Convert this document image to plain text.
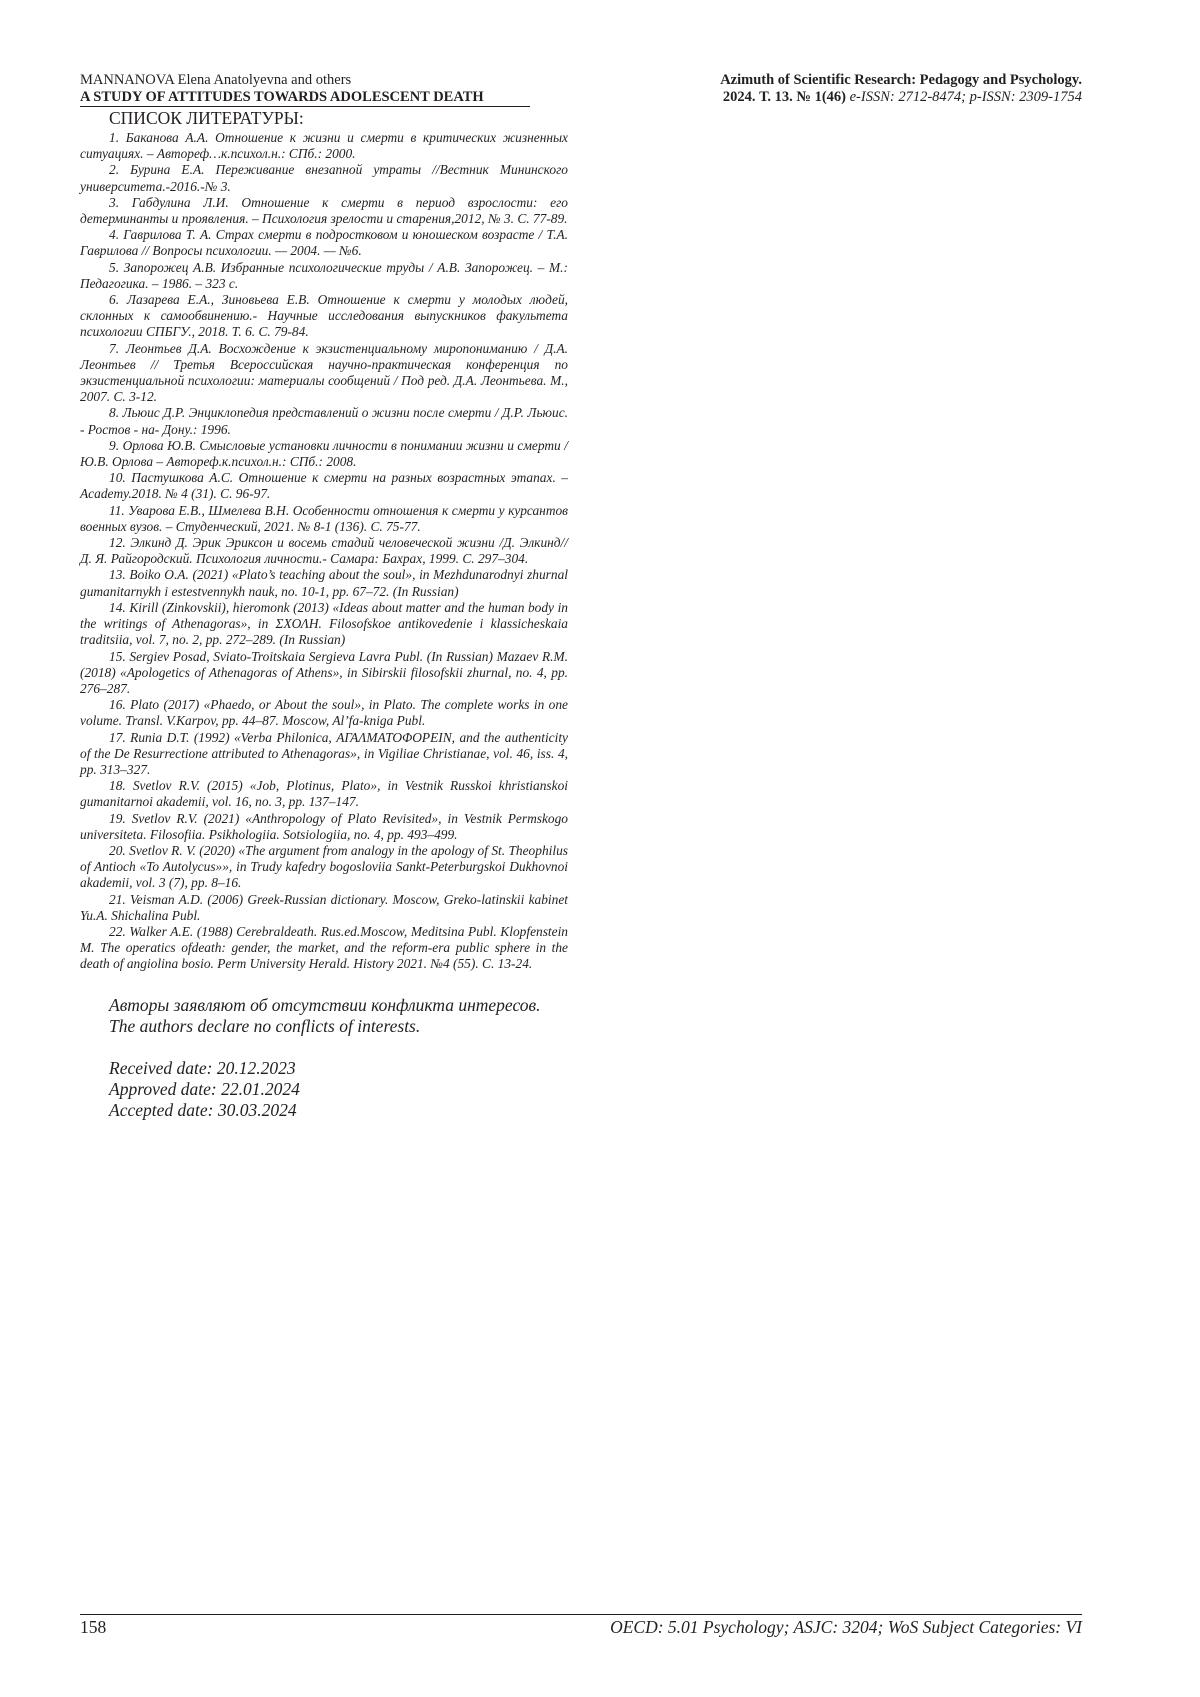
MANNANOVA Elena Anatolyevna and others
A STUDY OF ATTITUDES TOWARDS ADOLESCENT DEATH
Azimuth of Scientific Research: Pedagogy and Psychology.
2024. Т. 13. № 1(46) e-ISSN: 2712-8474; p-ISSN: 2309-1754
СПИСОК ЛИТЕРАТУРЫ:
1. Баканова А.А. Отношение к жизни и смерти в критических жизненных ситуациях. – Автореф…к.психол.н.: СПб.: 2000.
2. Бурина Е.А. Переживание внезапной утраты //Вестник Мининского университета.-2016.-№ 3.
3. Габдулина Л.И. Отношение к смерти в период взрослости: его детерминанты и проявления. – Психология зрелости и старения,2012, № 3. С. 77-89.
4. Гаврилова Т. А. Страх смерти в подростковом и юношеском возрасте / Т.А. Гаврилова // Вопросы психологии. — 2004. — №6.
5. Запорожец А.В. Избранные психологические труды / А.В. Запорожец. – М.: Педагогика. – 1986. – 323 с.
6. Лазарева Е.А., Зиновьева Е.В. Отношение к смерти у молодых людей, склонных к самообвинению.- Научные исследования выпускников факультета психологии СПБГУ., 2018. Т. 6. С. 79-84.
7. Леонтьев Д.А. Восхождение к экзистенциальному миропониманию / Д.А. Леонтьев // Третья Всероссийская научно-практическая конференция по экзистенциальной психологии: материалы сообщений / Под ред. Д.А. Леонтьева. М., 2007. С. 3-12.
8. Льюис Д.Р. Энциклопедия представлений о жизни после смерти / Д.Р. Льюис. - Ростов - на- Дону.: 1996.
9. Орлова Ю.В. Смысловые установки личности в понимании жизни и смерти / Ю.В. Орлова – Автореф.к.психол.н.: СПб.: 2008.
10. Пастушкова А.С. Отношение к смерти на разных возрастных этапах. – Academy.2018. № 4 (31). С. 96-97.
11. Уварова Е.В., Шмелева В.Н. Особенности отношения к смерти у курсантов военных вузов. – Студенческий, 2021. № 8-1 (136). С. 75-77.
12. Элкинд Д. Эрик Эриксон и восемь стадий человеческой жизни /Д. Элкинд// Д. Я. Райгородский. Психология личности.- Самара: Бахрах, 1999. С. 297–304.
13. Boiko O.A. (2021) «Plato’s teaching about the soul», in Mezhdunarodnyi zhurnal gumanitarnykh i estestvennykh nauk, no. 10-1, pp. 67–72. (In Russian)
14. Kirill (Zinkovskii), hieromonk (2013) «Ideas about matter and the human body in the writings of Athenagoras», in ΣΧΟΛΗ. Filosofskoe antikovedenie i klassicheskaia traditsiia, vol. 7, no. 2, pp. 272–289. (In Russian)
15. Sergiev Posad, Sviato-Troitskaia Sergieva Lavra Publ. (In Russian) Mazaev R.M. (2018) «Apologetics of Athenagoras of Athens», in Sibirskii filosofskii zhurnal, no. 4, pp. 276–287.
16. Plato (2017) «Phaedo, or About the soul», in Plato. The complete works in one volume. Transl. V.Karpov, pp. 44–87. Moscow, Al’fa-kniga Publ.
17. Runia D.T. (1992) «Verba Philonica, ΑΓΑΛΜΑΤΟΦΟΡΕΙΝ, and the authenticity of the De Resurrectione attributed to Athenagoras», in Vigiliae Christianae, vol. 46, iss. 4, pp. 313–327.
18. Svetlov R.V. (2015) «Job, Plotinus, Plato», in Vestnik Russkoi khristianskoi gumanitarnoi akademii, vol. 16, no. 3, pp. 137–147.
19. Svetlov R.V. (2021) «Anthropology of Plato Revisited», in Vestnik Permskogo universiteta. Filosofiia. Psikhologiia. Sotsiologiia, no. 4, pp. 493–499.
20. Svetlov R. V. (2020) «The argument from analogy in the apology of St. Theophilus of Antioch «To Autolycus»», in Trudy kafedry bogosloviia Sankt-Peterburgskoi Dukhovnoi akademii, vol. 3 (7), pp. 8–16.
21. Veisman A.D. (2006) Greek-Russian dictionary. Moscow, Greko-latinskii kabinet Yu.A. Shichalina Publ.
22. Walker A.E. (1988) Cerebraldeath. Rus.ed.Moscow, Meditsina Publ. Klopfenstein M. The operatics ofdeath: gender, the market, and the reform-era public sphere in the death of angiolina bosio. Perm University Herald. History 2021. №4 (55). С. 13-24.
Авторы заявляют об отсутствии конфликта интересов.
The authors declare no conflicts of interests.
Received date: 20.12.2023
Approved date: 22.01.2024
Accepted date: 30.03.2024
158	OECD: 5.01 Psychology; ASJC: 3204; WoS Subject Categories: VI
